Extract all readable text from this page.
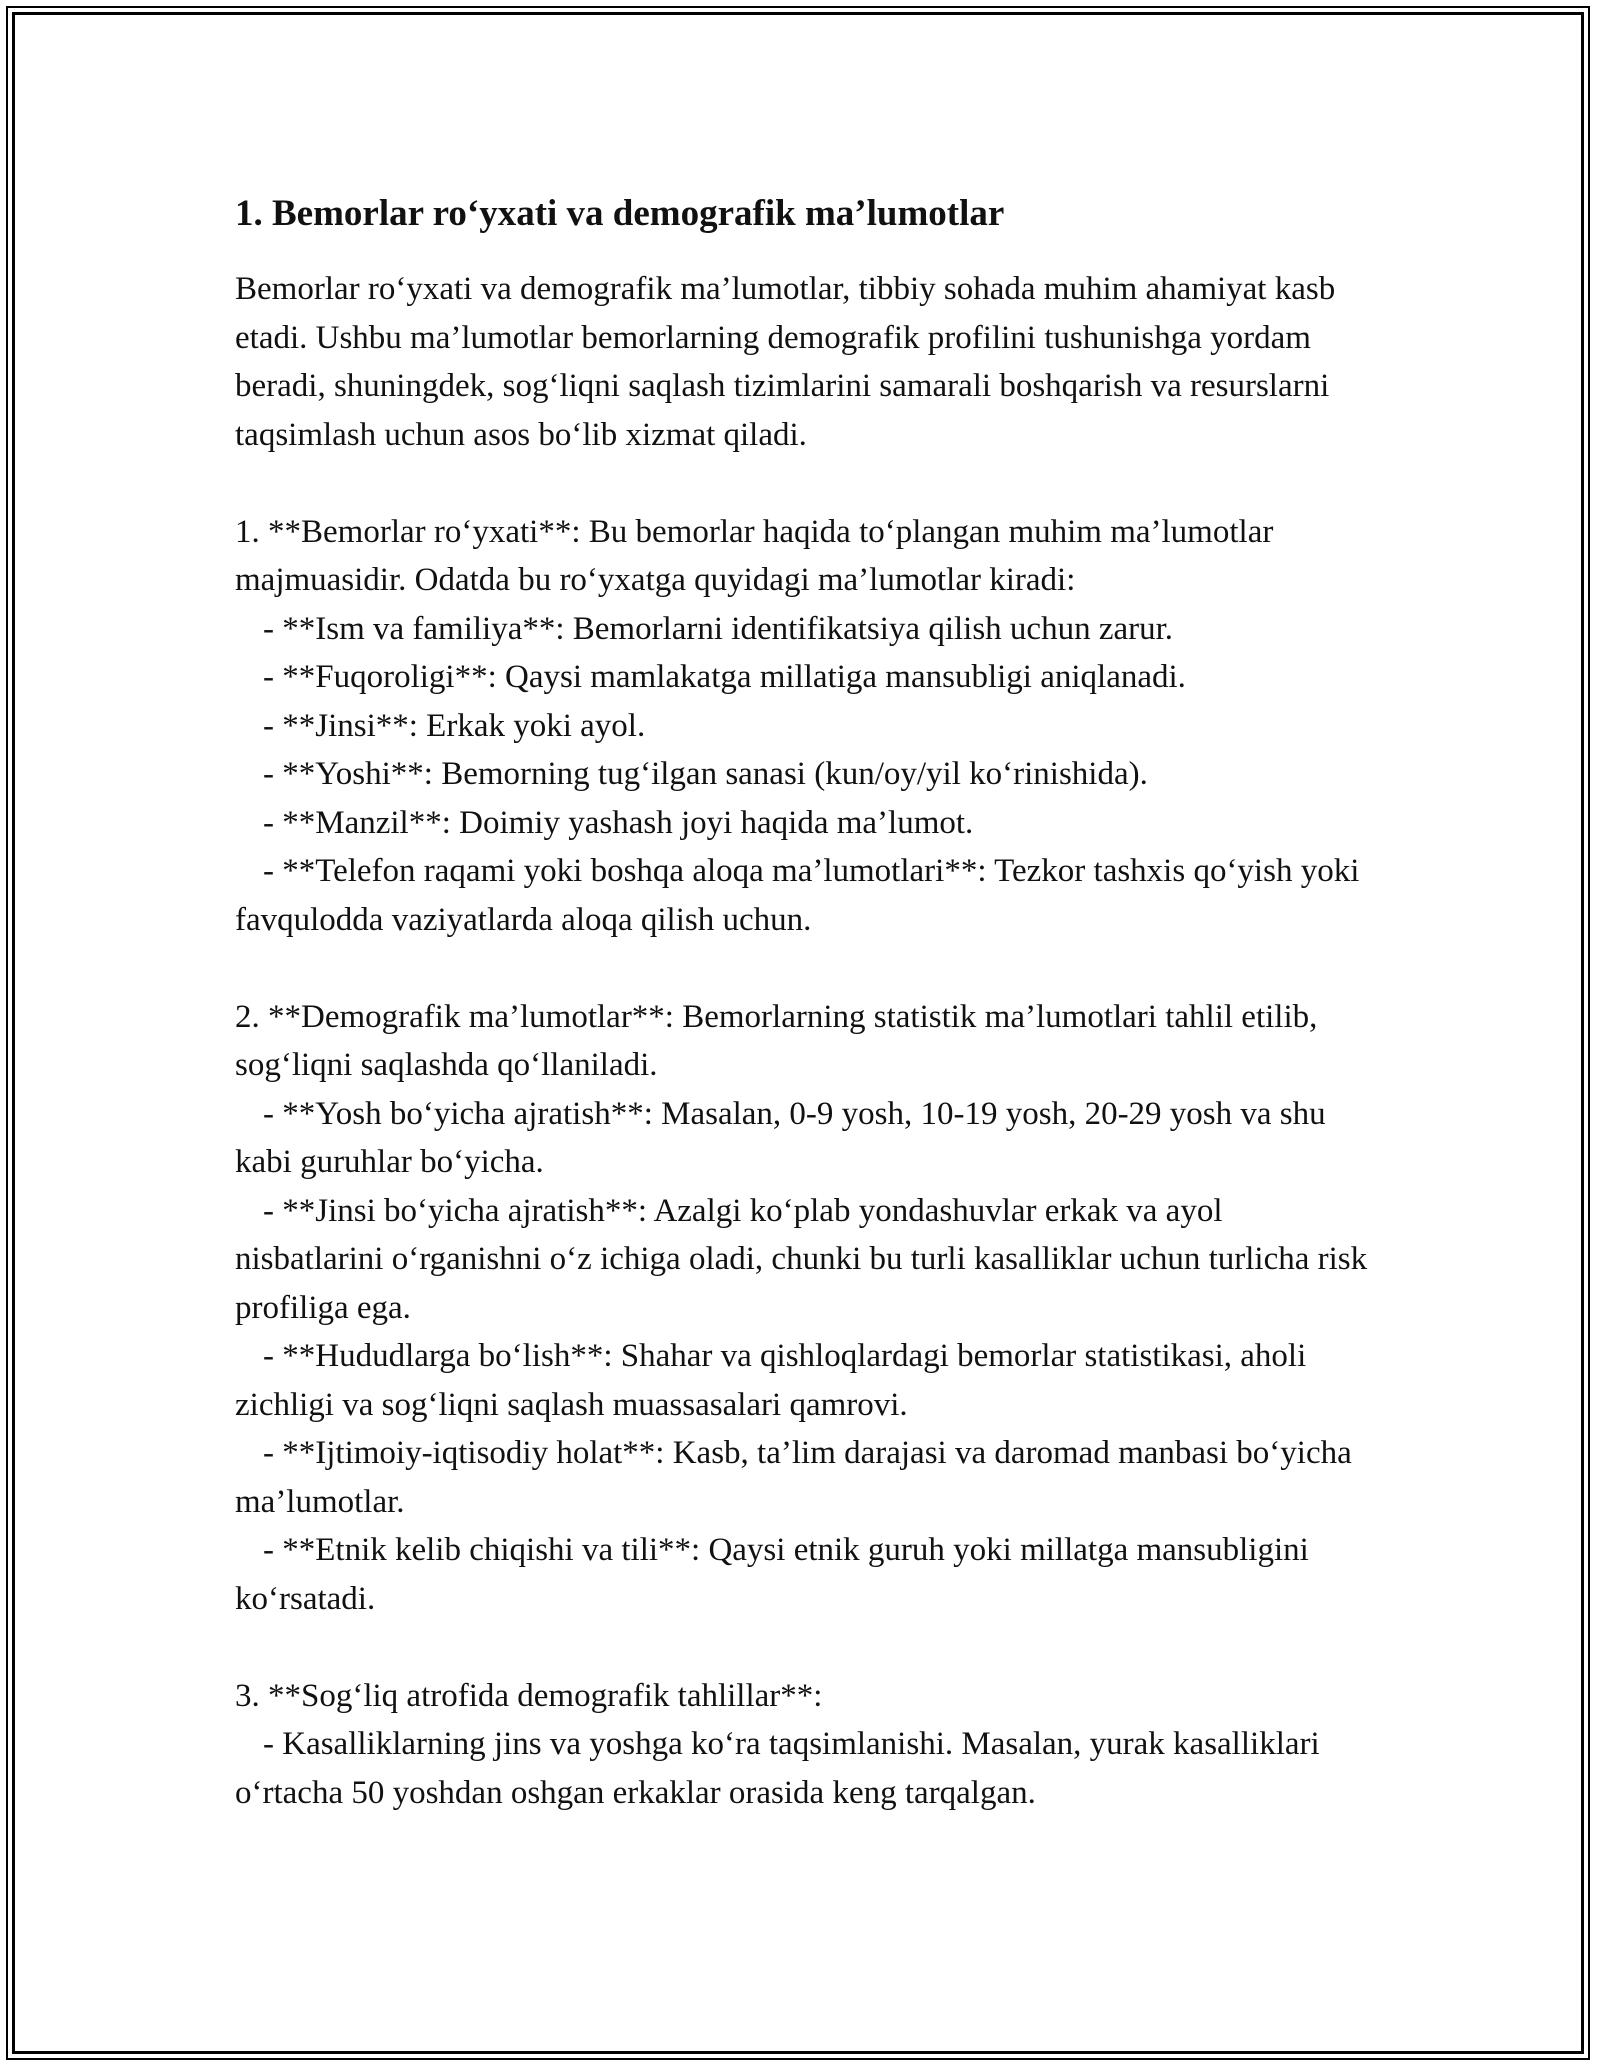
1. Bemorlar ro‘yxati va demografik ma’lumotlar

Bemorlar ro‘yxati va demografik ma’lumotlar, tibbiy sohada muhim ahamiyat kasb etadi. Ushbu ma’lumotlar bemorlarning demografik profilini tushunishga yordam beradi, shuningdek, sog‘liqni saqlash tizimlarini samarali boshqarish va resurslarni taqsimlash uchun asos bo‘lib xizmat qiladi.

1. **Bemorlar ro‘yxati**: Bu bemorlar haqida to‘plangan muhim ma’lumotlar majmuasidir. Odatda bu ro‘yxatga quyidagi ma’lumotlar kiradi:

- **Ism va familiya**: Bemorlarni identifikatsiya qilish uchun zarur.

- **Fuqoroligi**: Qaysi mamlakatga millatiga mansubligi aniqlanadi.

- **Jinsi**: Erkak yoki ayol.

- **Yoshi**: Bemorning tug‘ilgan sanasi (kun/oy/yil ko‘rinishida).

- **Manzil**: Doimiy yashash joyi haqida ma’lumot.

- **Telefon raqami yoki boshqa aloqa ma’lumotlari**: Tezkor tashxis qo‘yish yoki favqulodda vaziyatlarda aloqa qilish uchun.

2. **Demografik ma’lumotlar**: Bemorlarning statistik ma’lumotlari tahlil etilib, sog‘liqni saqlashda qo‘llaniladi.

- **Yosh bo‘yicha ajratish**: Masalan, 0-9 yosh, 10-19 yosh, 20-29 yosh va shu kabi guruhlar bo‘yicha.

- **Jinsi bo‘yicha ajratish**: Azalgi ko‘plab yondashuvlar erkak va ayol nisbatlarini o‘rganishni o‘z ichiga oladi, chunki bu turli kasalliklar uchun turlicha risk profiliga ega.

- **Hududlarga bo‘lish**: Shahar va qishloqlardagi bemorlar statistikasi, aholi zichligi va sog‘liqni saqlash muassasalari qamrovi.

- **Ijtimoiy-iqtisodiy holat**: Kasb, ta’lim darajasi va daromad manbasi bo‘yicha ma’lumotlar.

- **Etnik kelib chiqishi va tili**: Qaysi etnik guruh yoki millatga mansubligini ko‘rsatadi.

3. **Sog‘liq atrofida demografik tahlillar**:

- Kasalliklarning jins va yoshga ko‘ra taqsimlanishi. Masalan, yurak kasalliklari o‘rtacha 50 yoshdan oshgan erkaklar orasida keng tarqalgan.
